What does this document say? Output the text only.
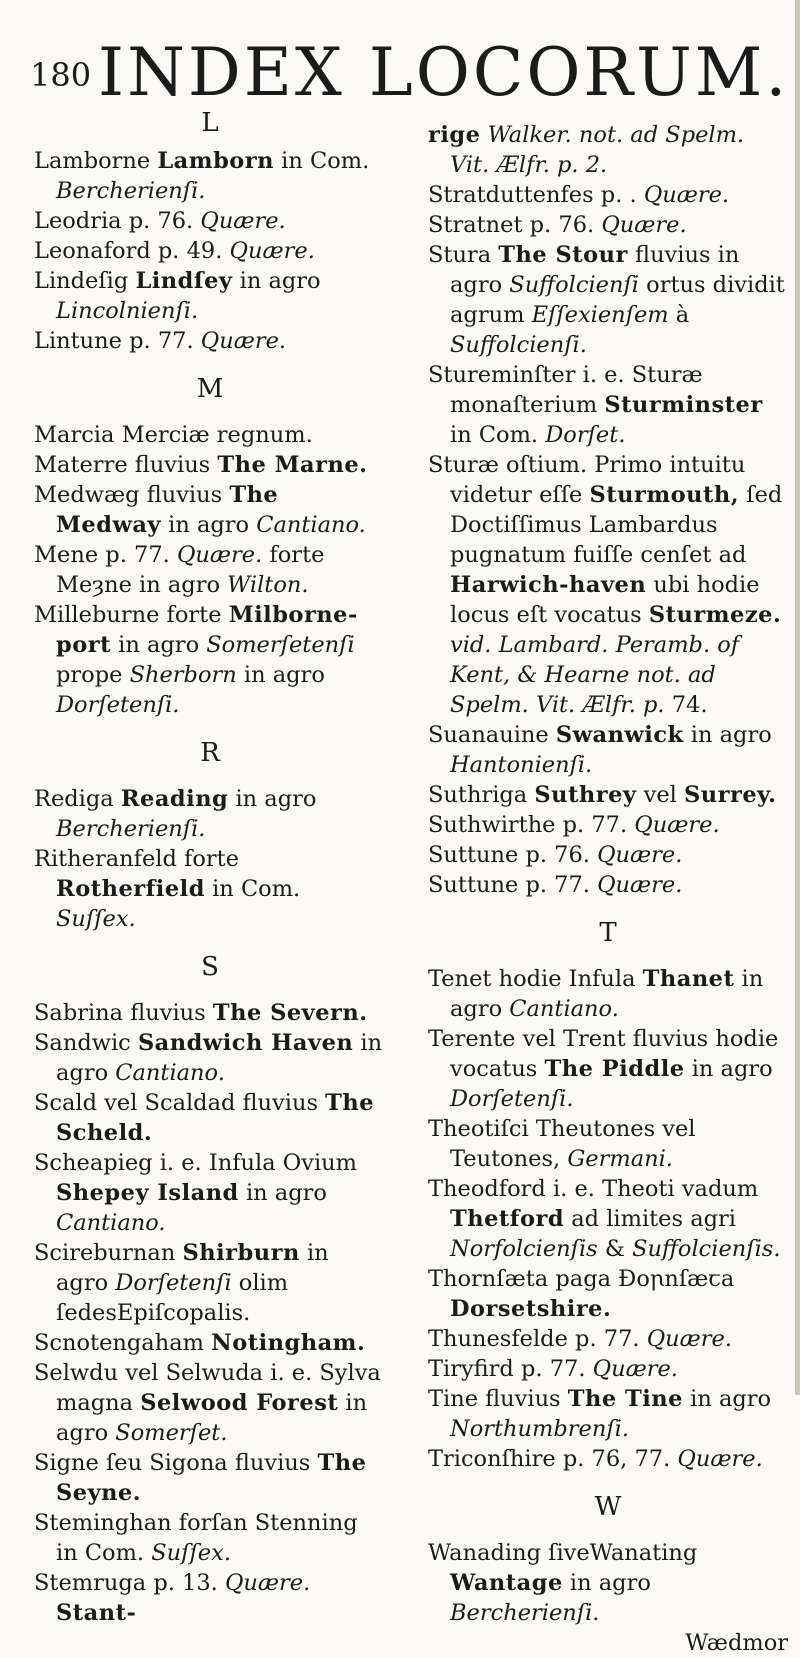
180 INDEX LOCORUM.
L

Lamborne Lamborn in Com. Bercherienſi.

Leodria p. 76. Quære.

Leonaford p. 49. Quære.

Lindeſig Lindſey in agro Lincolnienſi.

Lintune p. 77. Quære.

M

Marcia Merciæ regnum.

Materre fluvius The Marne.

Medwæg fluvius The Medway in agro Cantiano.

Mene p. 77. Quære. forte Meȝne in agro Wilton.

Milleburne forte Milborne-port in agro Somerſetenſi prope Sherborn in agro Dorſetenſi.

R

Rediga Reading in agro Bercherienſi.

Ritheranfeld forte Rotherfield in Com. Suſſex.

S

Sabrina fluvius The Severn.

Sandwic Sandwich Haven in agro Cantiano.

Scald vel Scaldad fluvius The Scheld.

Scheapieg i. e. Infula Ovium Shepey Island in agro Cantiano.

Scireburnan Shirburn in agro Dorſetenſi olim ſedesEpiſcopalis.

Scnotengaham Notingham.

Selwdu vel Selwuda i. e. Sylva magna Selwood Forest in agro Somerſet.

Signe ſeu Sigona fluvius The Seyne.

Steminghan forſan Stenning in Com. Suſſex.

Stemruga p. 13. Quære. Stant-

rige Walker. not. ad Spelm. Vit. Ælfr. p. 2.

Stratduttenfes p. . Quære.

Stratnet p. 76. Quære.

Stura The Stour fluvius in agro Suffolcienſi ortus dividit agrum Eſſexienſem à Suffolcienſi.

Stureminſter i. e. Sturæ monaſterium Sturminster in Com. Dorſet.

Sturæ oſtium. Primo intuitu videtur eſſe Sturmouth, ſed Doctiſſimus Lambardus pugnatum fuiſſe cenſet ad Harwich-haven ubi hodie locus eſt vocatus Sturmeze. vid. Lambard. Peramb. of Kent, & Hearne not. ad Spelm. Vit. Ælfr. p. 74.

Suanauine Swanwick in agro Hantonienſi.

Suthriga Suthrey vel Surrey.

Suthwirthe p. 77. Quære.

Suttune p. 76. Quære.

Suttune p. 77. Quære.

T

Tenet hodie Infula Thanet in agro Cantiano.

Terente vel Trent fluvius hodie vocatus The Piddle in agro Dorſetenſi.

Theotiſci Theutones vel Teutones, Germani.

Theodford i. e. Theoti vadum Thetford ad limites agri Norfolcienſis & Suffolcienſis.

Thornſæta paga Ðoꞃnſæꞇa Dorsetshire.

Thunesfelde p. 77. Quære.

Tiryfird p. 77. Quære.

Tine fluvius The Tine in agro Northumbrenſi.

Triconſhire p. 76, 77. Quære.

W

Wanading ſiveWanating Wantage in agro Bercherienſi.

Wædmor
